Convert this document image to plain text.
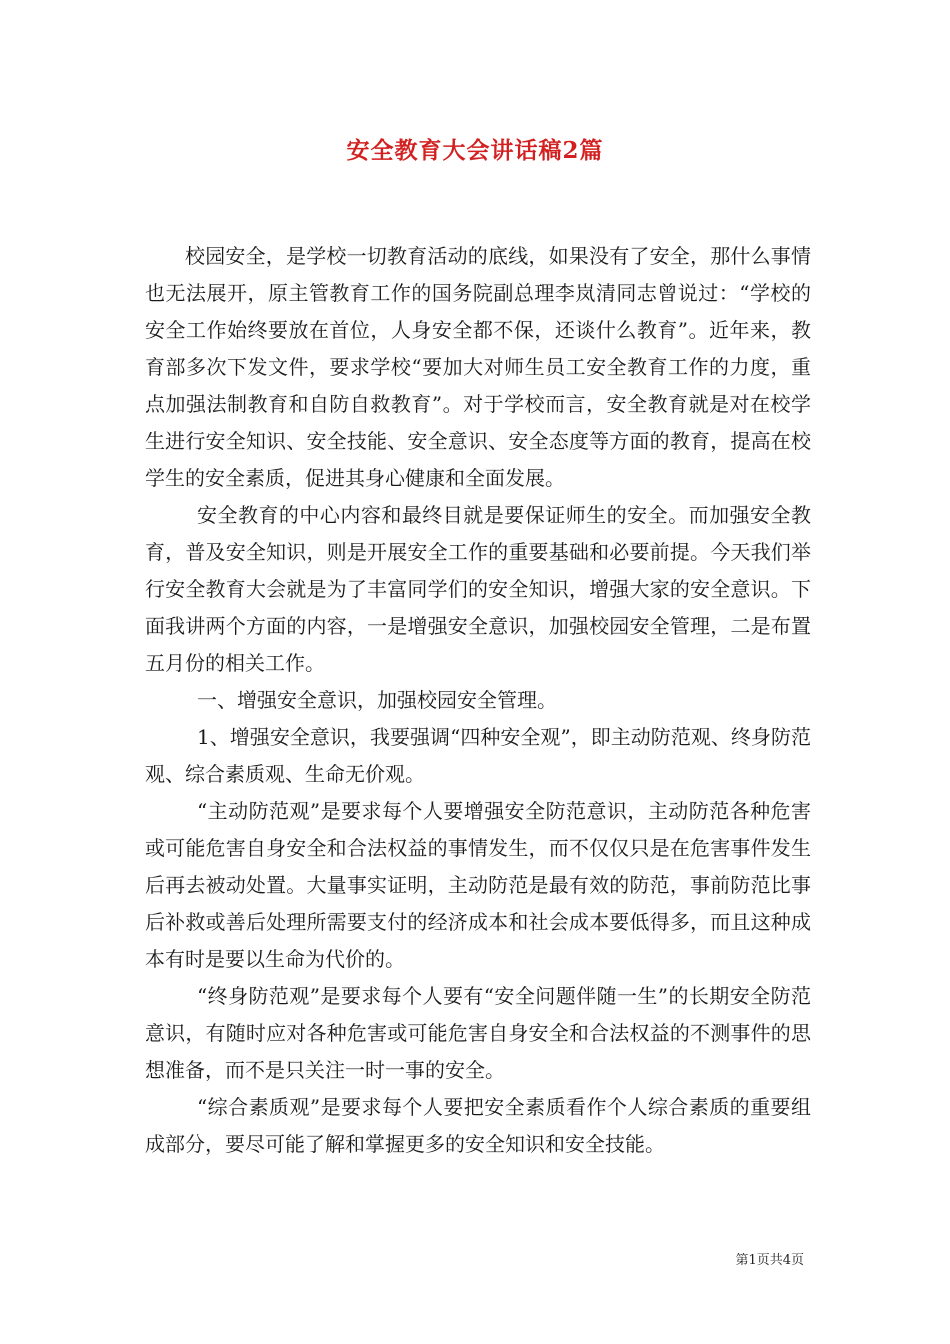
安全教育大会讲话稿2篇

校园安全，是学校一切教育活动的底线，如果没有了安全，那什么事情也无法展开，原主管教育工作的国务院副总理李岚清同志曾说过：“学校的安全工作始终要放在首位，人身安全都不保，还谈什么教育”。近年来，教育部多次下发文件，要求学校“要加大对师生员工安全教育工作的力度，重点加强法制教育和自防自救教育”。对于学校而言，安全教育就是对在校学生进行安全知识、安全技能、安全意识、安全态度等方面的教育，提高在校学生的安全素质，促进其身心健康和全面发展。

安全教育的中心内容和最终目就是要保证师生的安全。而加强安全教育，普及安全知识，则是开展安全工作的重要基础和必要前提。今天我们举行安全教育大会就是为了丰富同学们的安全知识，增强大家的安全意识。下面我讲两个方面的内容，一是增强安全意识，加强校园安全管理，二是布置五月份的相关工作。

一、增强安全意识，加强校园安全管理。

1、增强安全意识，我要强调“四种安全观”，即主动防范观、终身防范观、综合素质观、生命无价观。

“主动防范观”是要求每个人要增强安全防范意识，主动防范各种危害或可能危害自身安全和合法权益的事情发生，而不仅仅只是在危害事件发生后再去被动处置。大量事实证明，主动防范是最有效的防范，事前防范比事后补救或善后处理所需要支付的经济成本和社会成本要低得多，而且这种成本有时是要以生命为代价的。

“终身防范观”是要求每个人要有“安全问题伴随一生”的长期安全防范意识，有随时应对各种危害或可能危害自身安全和合法权益的不测事件的思想准备，而不是只关注一时一事的安全。

“综合素质观”是要求每个人要把安全素质看作个人综合素质的重要组成部分，要尽可能了解和掌握更多的安全知识和安全技能。

第1页共4页
